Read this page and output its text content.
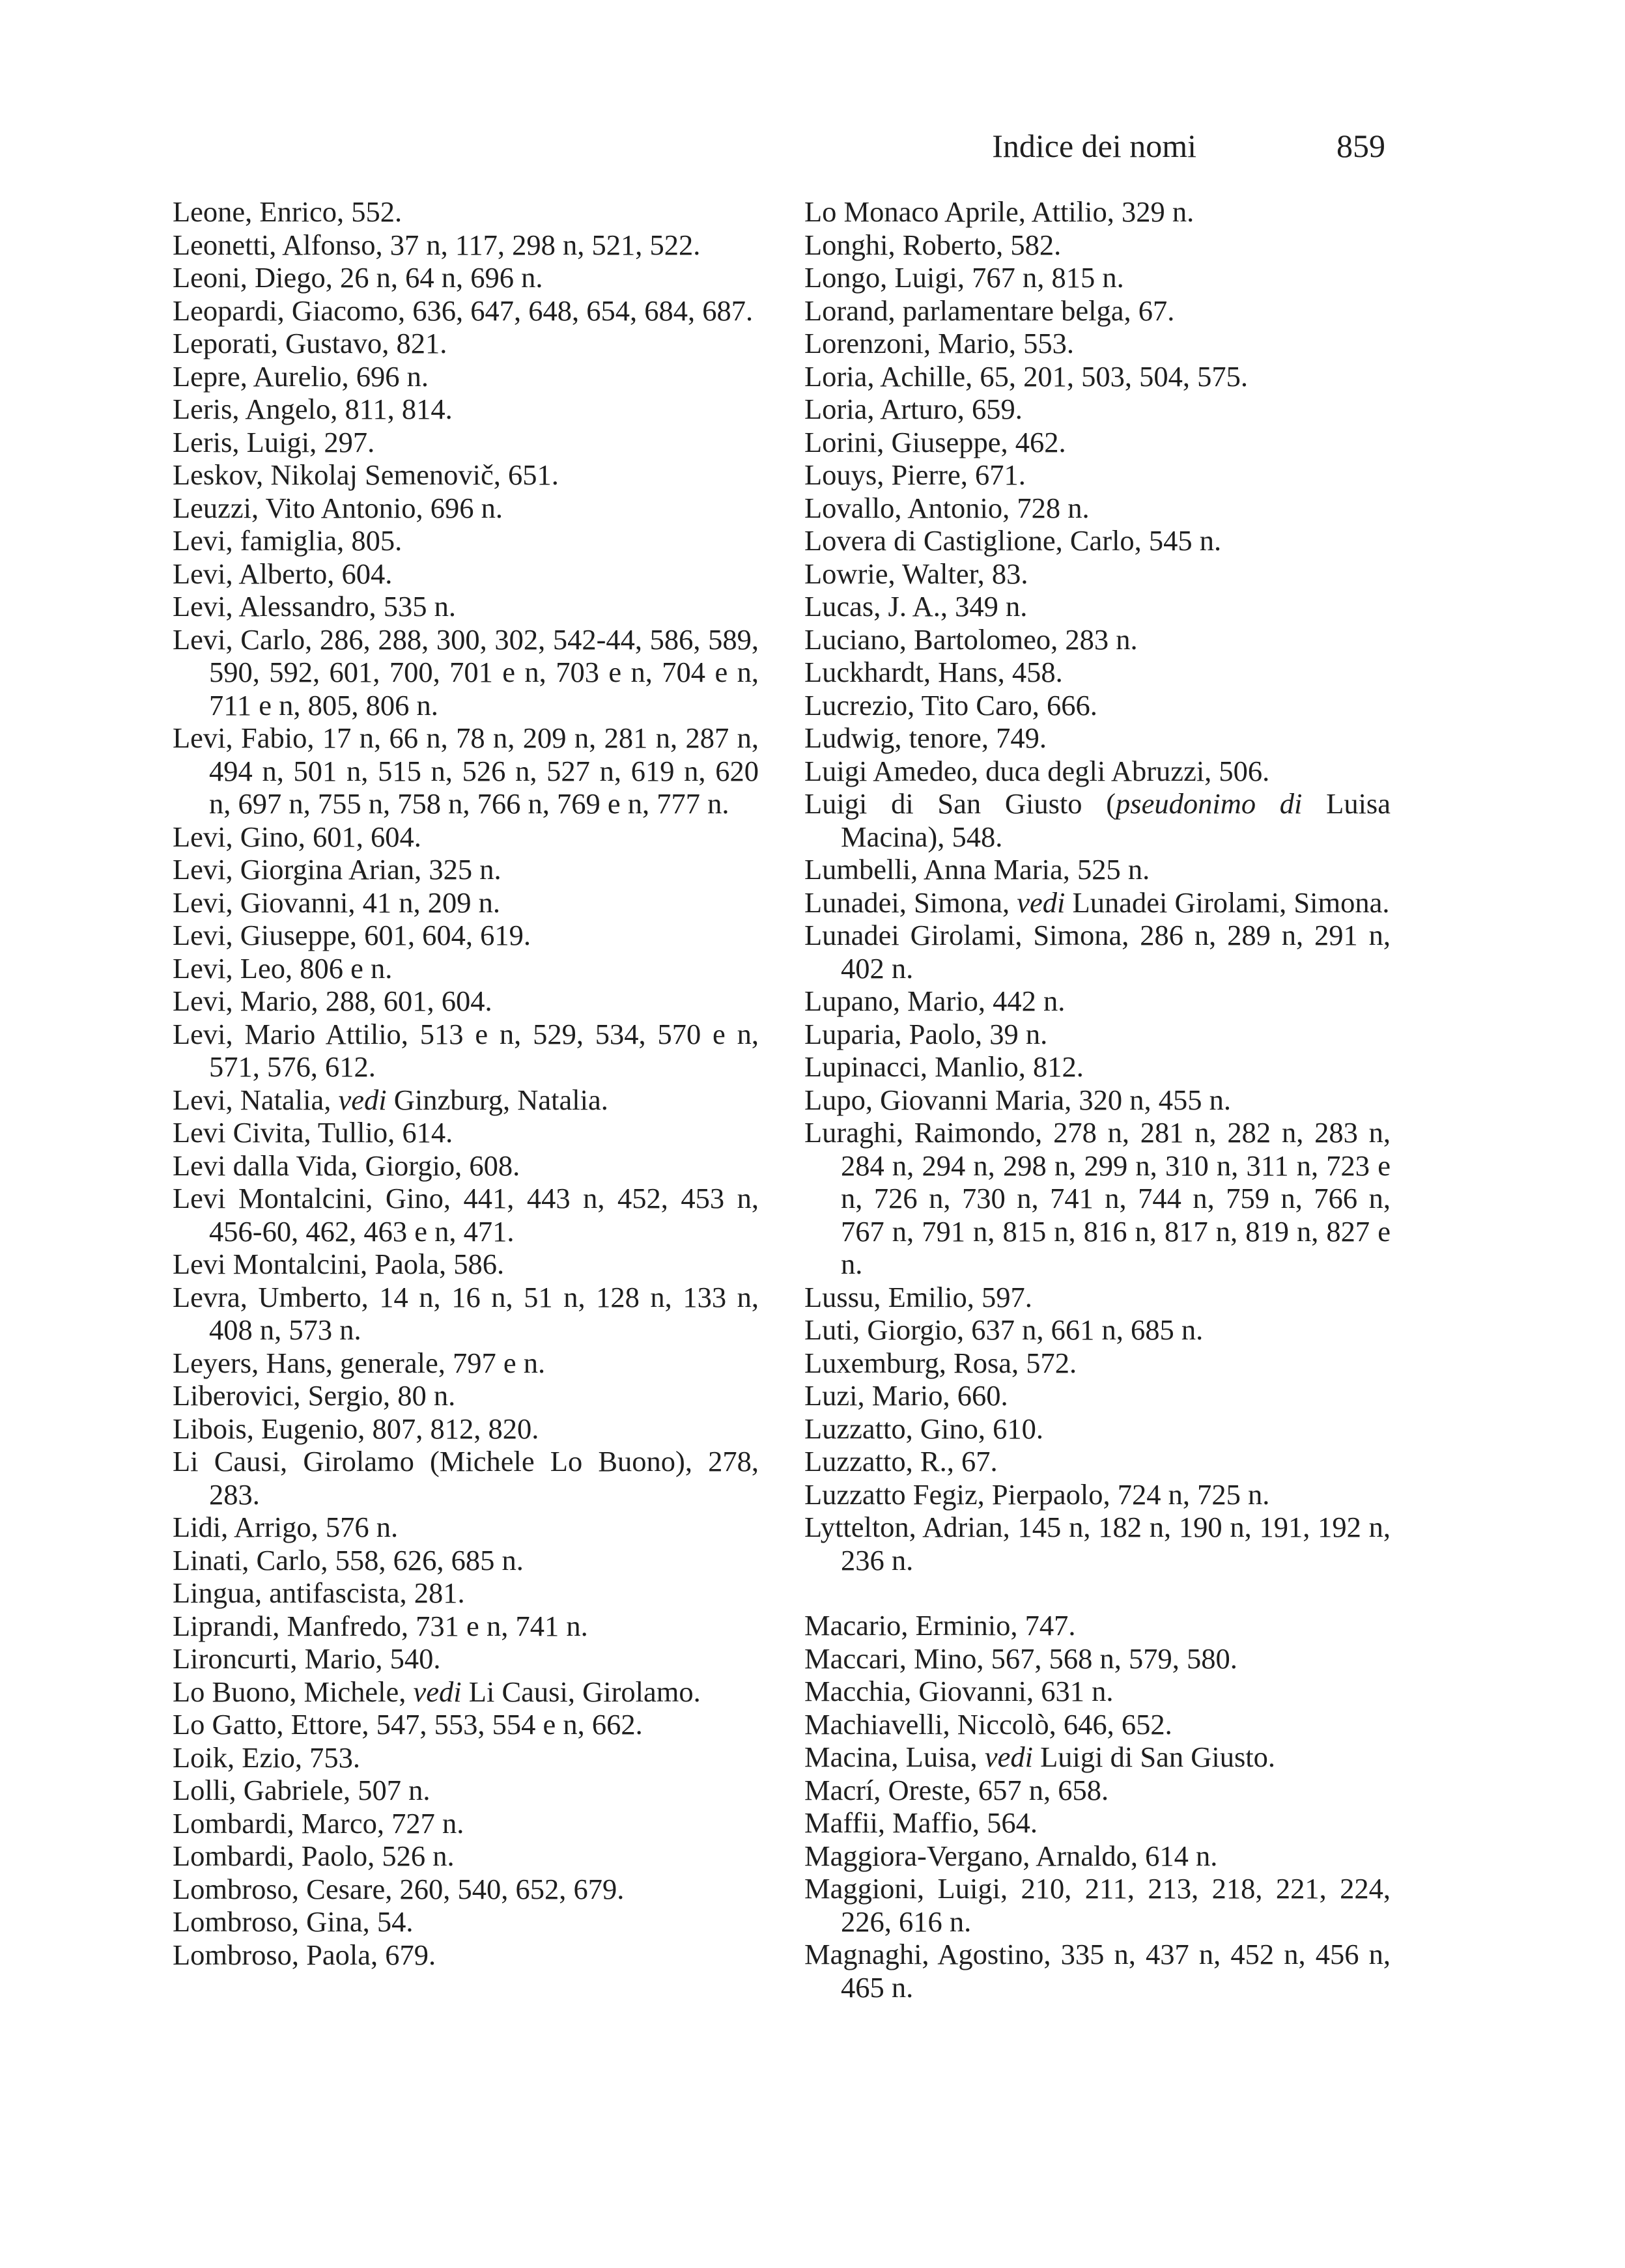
Indice dei nomi	859
Leone, Enrico, 552.
Leonetti, Alfonso, 37 n, 117, 298 n, 521, 522.
Leoni, Diego, 26 n, 64 n, 696 n.
Leopardi, Giacomo, 636, 647, 648, 654, 684, 687.
Leporati, Gustavo, 821.
Lepre, Aurelio, 696 n.
Leris, Angelo, 811, 814.
Leris, Luigi, 297.
Leskov, Nikolaj Semenovič, 651.
Leuzzi, Vito Antonio, 696 n.
Levi, famiglia, 805.
Levi, Alberto, 604.
Levi, Alessandro, 535 n.
Levi, Carlo, 286, 288, 300, 302, 542-44, 586, 589, 590, 592, 601, 700, 701 e n, 703 e n, 704 e n, 711 e n, 805, 806 n.
Levi, Fabio, 17 n, 66 n, 78 n, 209 n, 281 n, 287 n, 494 n, 501 n, 515 n, 526 n, 527 n, 619 n, 620 n, 697 n, 755 n, 758 n, 766 n, 769 e n, 777 n.
Levi, Gino, 601, 604.
Levi, Giorgina Arian, 325 n.
Levi, Giovanni, 41 n, 209 n.
Levi, Giuseppe, 601, 604, 619.
Levi, Leo, 806 e n.
Levi, Mario, 288, 601, 604.
Levi, Mario Attilio, 513 e n, 529, 534, 570 e n, 571, 576, 612.
Levi, Natalia, vedi Ginzburg, Natalia.
Levi Civita, Tullio, 614.
Levi dalla Vida, Giorgio, 608.
Levi Montalcini, Gino, 441, 443 n, 452, 453 n, 456-60, 462, 463 e n, 471.
Levi Montalcini, Paola, 586.
Levra, Umberto, 14 n, 16 n, 51 n, 128 n, 133 n, 408 n, 573 n.
Leyers, Hans, generale, 797 e n.
Liberovici, Sergio, 80 n.
Libois, Eugenio, 807, 812, 820.
Li Causi, Girolamo (Michele Lo Buono), 278, 283.
Lidi, Arrigo, 576 n.
Linati, Carlo, 558, 626, 685 n.
Lingua, antifascista, 281.
Liprandi, Manfredo, 731 e n, 741 n.
Lironcurti, Mario, 540.
Lo Buono, Michele, vedi Li Causi, Girolamo.
Lo Gatto, Ettore, 547, 553, 554 e n, 662.
Loik, Ezio, 753.
Lolli, Gabriele, 507 n.
Lombardi, Marco, 727 n.
Lombardi, Paolo, 526 n.
Lombroso, Cesare, 260, 540, 652, 679.
Lombroso, Gina, 54.
Lombroso, Paola, 679.
Lo Monaco Aprile, Attilio, 329 n.
Longhi, Roberto, 582.
Longo, Luigi, 767 n, 815 n.
Lorand, parlamentare belga, 67.
Lorenzoni, Mario, 553.
Loria, Achille, 65, 201, 503, 504, 575.
Loria, Arturo, 659.
Lorini, Giuseppe, 462.
Louys, Pierre, 671.
Lovallo, Antonio, 728 n.
Lovera di Castiglione, Carlo, 545 n.
Lowrie, Walter, 83.
Lucas, J. A., 349 n.
Luciano, Bartolomeo, 283 n.
Luckhardt, Hans, 458.
Lucrezio, Tito Caro, 666.
Ludwig, tenore, 749.
Luigi Amedeo, duca degli Abruzzi, 506.
Luigi di San Giusto (pseudonimo di Luisa Macina), 548.
Lumbelli, Anna Maria, 525 n.
Lunadei, Simona, vedi Lunadei Girolami, Simona.
Lunadei Girolami, Simona, 286 n, 289 n, 291 n, 402 n.
Lupano, Mario, 442 n.
Luparia, Paolo, 39 n.
Lupinacci, Manlio, 812.
Lupo, Giovanni Maria, 320 n, 455 n.
Luraghi, Raimondo, 278 n, 281 n, 282 n, 283 n, 284 n, 294 n, 298 n, 299 n, 310 n, 311 n, 723 e n, 726 n, 730 n, 741 n, 744 n, 759 n, 766 n, 767 n, 791 n, 815 n, 816 n, 817 n, 819 n, 827 e n.
Lussu, Emilio, 597.
Luti, Giorgio, 637 n, 661 n, 685 n.
Luxemburg, Rosa, 572.
Luzi, Mario, 660.
Luzzatto, Gino, 610.
Luzzatto, R., 67.
Luzzatto Fegiz, Pierpaolo, 724 n, 725 n.
Lyttelton, Adrian, 145 n, 182 n, 190 n, 191, 192 n, 236 n.
Macario, Erminio, 747.
Maccari, Mino, 567, 568 n, 579, 580.
Macchia, Giovanni, 631 n.
Machiavelli, Niccolò, 646, 652.
Macina, Luisa, vedi Luigi di San Giusto.
Macrí, Oreste, 657 n, 658.
Maffii, Maffio, 564.
Maggiora-Vergano, Arnaldo, 614 n.
Maggioni, Luigi, 210, 211, 213, 218, 221, 224, 226, 616 n.
Magnaghi, Agostino, 335 n, 437 n, 452 n, 456 n, 465 n.
